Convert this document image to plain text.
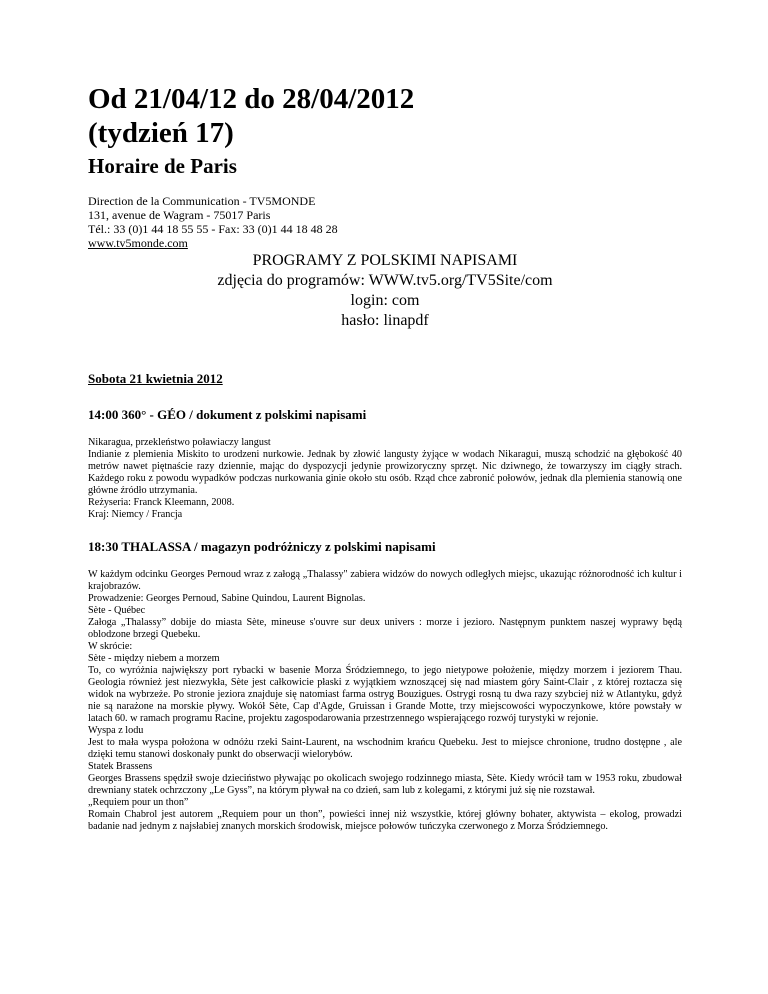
Od 21/04/12 do 28/04/2012
(tydzień 17)
Horaire de Paris
Direction de la Communication - TV5MONDE
131, avenue de Wagram - 75017 Paris
Tél.: 33 (0)1 44 18 55 55 - Fax: 33 (0)1 44 18 48 28
www.tv5monde.com
PROGRAMY Z POLSKIMI NAPISAMI
zdjęcia do programów: WWW.tv5.org/TV5Site/com
login: com
hasło: linapdf
Sobota 21 kwietnia 2012
14:00 360° - GÉO / dokument z polskimi napisami
Nikaragua, przekleństwo poławiaczy langust
Indianie z plemienia Miskito to urodzeni nurkowie. Jednak by złowić langusty żyjące w wodach Nikaragui, muszą schodzić na głębokość 40 metrów nawet piętnaście razy dziennie, mając do dyspozycji jedynie prowizoryczny sprzęt. Nic dziwnego, że towarzyszy im ciągły strach. Każdego roku z powodu wypadków podczas nurkowania ginie około stu osób. Rząd chce zabronić połowów, jednak dla plemienia stanowią one główne źródło utrzymania.
Reżyseria: Franck Kleemann, 2008.
Kraj: Niemcy / Francja
18:30 THALASSA / magazyn podróżniczy z polskimi napisami
W każdym odcinku Georges Pernoud wraz z załogą „Thalassy" zabiera widzów do nowych odległych miejsc, ukazując różnorodność ich kultur i krajobrazów.
Prowadzenie: Georges Pernoud, Sabine Quindou, Laurent Bignolas.
Sète - Québec
Załoga „Thalassy” dobije do miasta Sète, mineuse s'ouvre sur deux univers : morze i jezioro. Następnym punktem naszej wyprawy będą oblodzone brzegi Quebeku.
W skrócie:
Sète - między niebem a morzem
To, co wyróżnia największy port rybacki w basenie Morza Śródziemnego, to jego nietypowe położenie, między morzem i jeziorem Thau. Geologia również jest niezwykła, Sète jest całkowicie płaski z wyjątkiem wznoszącej się nad miastem góry Saint-Clair , z której roztacza się widok na wybrzeże. Po stronie jeziora znajduje się natomiast farma ostryg Bouzigues. Ostrygi rosną tu dwa razy szybciej niż w Atlantyku, gdyż nie są narażone na morskie pływy. Wokół Sète, Cap d'Agde, Gruissan i Grande Motte, trzy miejscowości wypoczynkowe, które powstały w latach 60. w ramach programu Racine, projektu zagospodarowania przestrzennego wspierającego rozwój turystyki w rejonie.
Wyspa z lodu
Jest to mała wyspa położona w odnóżu rzeki Saint-Laurent, na wschodnim krańcu Quebeku. Jest to miejsce chronione, trudno dostępne , ale dzięki temu stanowi doskonały punkt do obserwacji wielorybów.
Statek Brassens
Georges Brassens spędził swoje dzieciństwo pływając po okolicach swojego rodzinnego miasta, Sète. Kiedy wrócił tam w 1953 roku, zbudował drewniany statek ochrzczony „Le Gyss”, na którym pływał na co dzień, sam lub z kolegami, z którymi już się nie rozstawał.
„Requiem pour un thon”
Romain Chabrol jest autorem „Requiem pour un thon”, powieści innej niż wszystkie, której główny bohater, aktywista – ekolog, prowadzi badanie nad jednym z najsłabiej znanych morskich środowisk, miejsce połowów tuńczyka czerwonego z Morza Śródziemnego.
